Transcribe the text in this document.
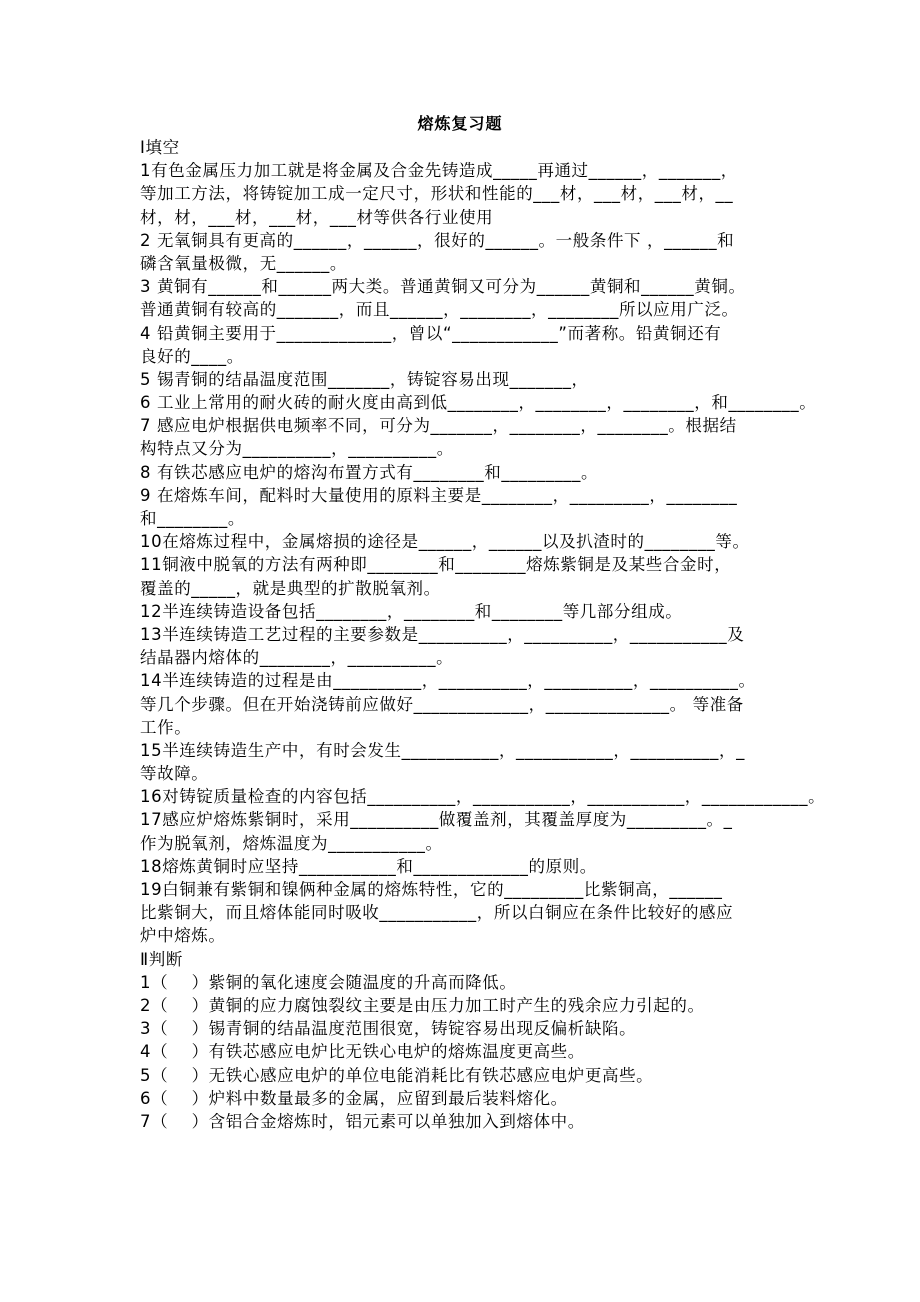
熔炼复习题
Ⅰ填空
1有色金属压力加工就是将金属及合金先铸造成_____再通过______，_______，
等加工方法，将铸锭加工成一定尺寸，形状和性能的___材，___材，___材，__
材，材，___材，___材，___材等供各行业使用
2 无氧铜具有更高的______，______，很好的______。一般条件下 ，______和
磷含氧量极微，无______。
3 黄铜有______和______两大类。普通黄铜又可分为______黄铜和______黄铜。
普通黄铜有较高的_______，而且______，________，________所以应用广泛。
4 铅黄铜主要用于_____________，曾以“____________”而著称。铅黄铜还有
良好的____。
5 锡青铜的结晶温度范围_______，铸锭容易出现_______，
6 工业上常用的耐火砖的耐火度由高到低________，________，________，和________。
7 感应电炉根据供电频率不同，可分为_______，________，________。根据结
构特点又分为__________，__________。
8 有铁芯感应电炉的熔沟布置方式有________和_________。
9 在熔炼车间，配料时大量使用的原料主要是________，_________，________
和________。
10在熔炼过程中，金属熔损的途径是______，______以及扒渣时的________等。
11铜液中脱氧的方法有两种即________和________熔炼紫铜是及某些合金时，
覆盖的_____，就是典型的扩散脱氧剂。
12半连续铸造设备包括________，________和________等几部分组成。
13半连续铸造工艺过程的主要参数是__________，__________，___________及
结晶器内熔体的________，__________。
14半连续铸造的过程是由__________，__________，__________，__________。
等几个步骤。但在开始浇铸前应做好_____________，______________。 等准备
工作。
15半连续铸造生产中，有时会发生___________，___________，__________，_
等故障。
16对铸锭质量检查的内容包括__________，___________，___________，____________。
17感应炉熔炼紫铜时，采用__________做覆盖剂，其覆盖厚度为_________。_
作为脱氧剂，熔炼温度为___________。
18熔炼黄铜时应坚持___________和_____________的原则。
19白铜兼有紫铜和镍俩种金属的熔炼特性，它的_________比紫铜高，______
比紫铜大，而且熔体能同时吸收___________，所以白铜应在条件比较好的感应
炉中熔炼。
Ⅱ判断
1（    ）紫铜的氧化速度会随温度的升高而降低。
2（    ）黄铜的应力腐蚀裂纹主要是由压力加工时产生的残余应力引起的。
3（    ）锡青铜的结晶温度范围很宽，铸锭容易出现反偏析缺陷。
4（    ）有铁芯感应电炉比无铁心电炉的熔炼温度更高些。
5（    ）无铁心感应电炉的单位电能消耗比有铁芯感应电炉更高些。
6（    ）炉料中数量最多的金属，应留到最后装料熔化。
7（    ）含铝合金熔炼时，铝元素可以单独加入到熔体中。
